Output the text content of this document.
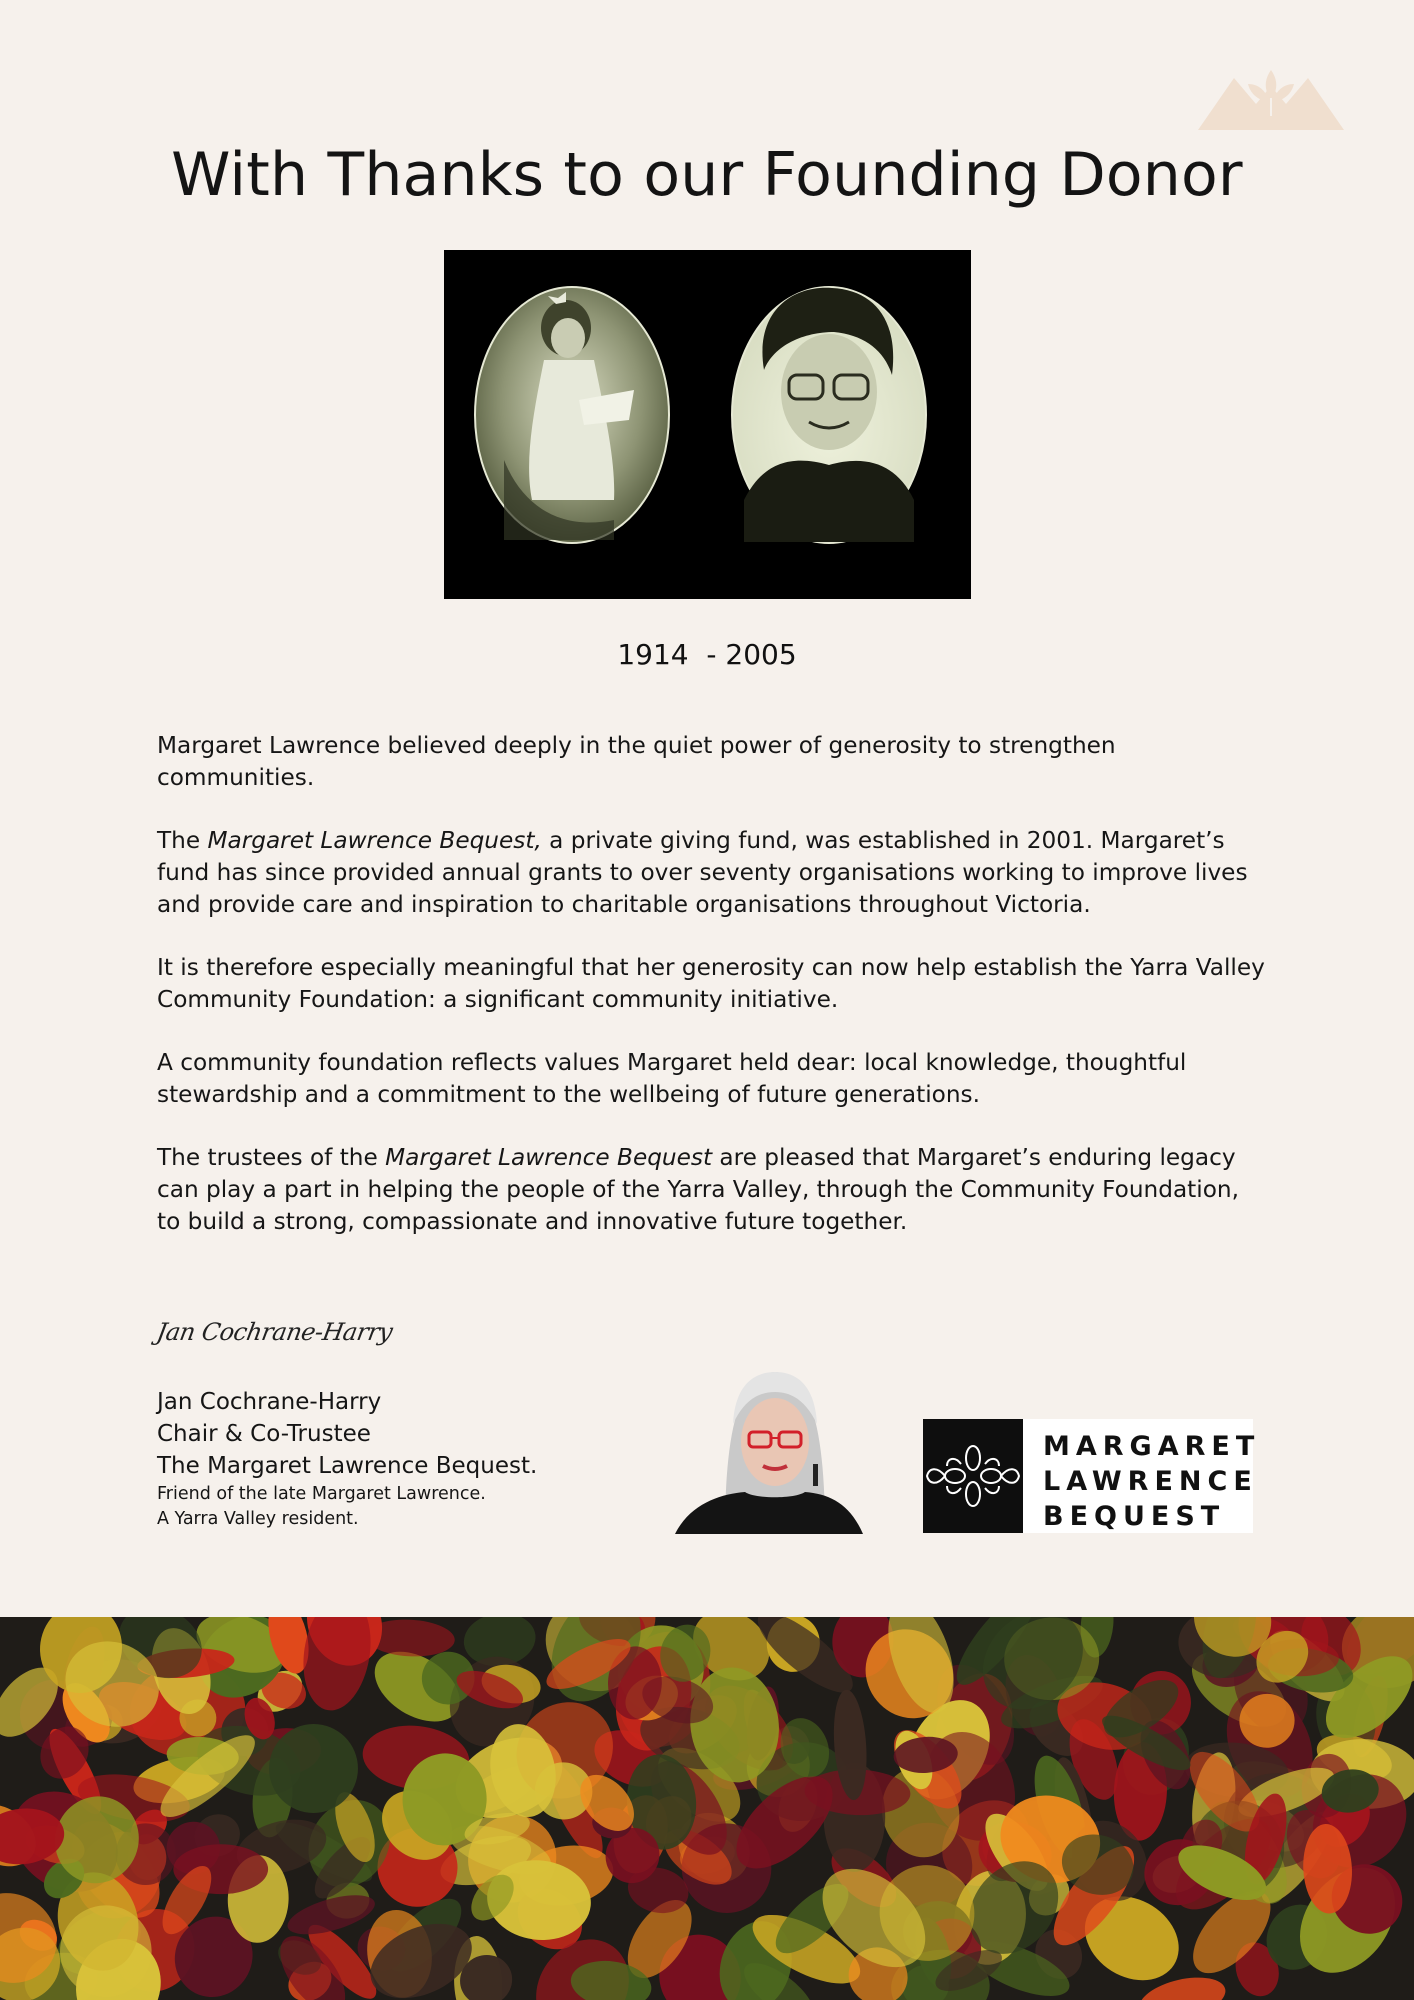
With Thanks to our Founding Donor
1914  - 2005

Margaret Lawrence believed deeply in the quiet power of generosity to strengthen communities.

The Margaret Lawrence Bequest, a private giving fund, was established in 2001. Margaret’s fund has since provided annual grants to over seventy organisations working to improve lives and provide care and inspiration to charitable organisations throughout Victoria.

It is therefore especially meaningful that her generosity can now help establish the Yarra Valley Community Foundation: a significant community initiative.

A community foundation reflects values Margaret held dear: local knowledge, thoughtful stewardship and a commitment to the wellbeing of future generations.

The trustees of the Margaret Lawrence Bequest are pleased that Margaret’s enduring legacy can play a part in helping the people of the Yarra Valley, through the Community Foundation, to build a strong, compassionate and innovative future together.

Jan Cochrane-Harry
Jan Cochrane-Harry
Chair & Co-Trustee
The Margaret Lawrence Bequest.
Friend of the late Margaret Lawrence.
A Yarra Valley resident.
MARGARET
LAWRENCE
BEQUEST
